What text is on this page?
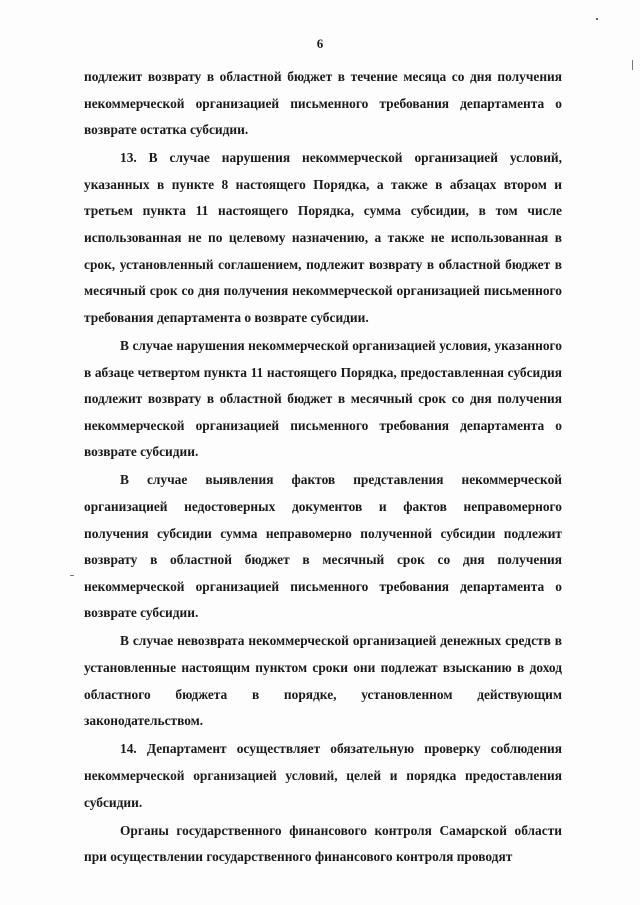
6

подлежит возврату в областной бюджет в течение месяца со дня получения некоммерческой организацией письменного требования департамента о возврате остатка субсидии.

13. В случае нарушения некоммерческой организацией условий, указанных в пункте 8 настоящего Порядка, а также в абзацах втором и третьем пункта 11 настоящего Порядка, сумма субсидии, в том числе использованная не по целевому назначению, а также не использованная в срок, установленный соглашением, подлежит возврату в областной бюджет в месячный срок со дня получения некоммерческой организацией письменного требования департамента о возврате субсидии.

В случае нарушения некоммерческой организацией условия, указанного в абзаце четвертом пункта 11 настоящего Порядка, предоставленная субсидия подлежит возврату в областной бюджет в месячный срок со дня получения некоммерческой организацией письменного требования департамента о возврате субсидии.

В случае выявления фактов представления некоммерческой организацией недостоверных документов и фактов неправомерного получения субсидии сумма неправомерно полученной субсидии подлежит возврату в областной бюджет в месячный срок со дня получения некоммерческой организацией письменного требования департамента о возврате субсидии.

В случае невозврата некоммерческой организацией денежных средств в установленные настоящим пунктом сроки они подлежат взысканию в доход областного бюджета в порядке, установленном действующим законодательством.

14. Департамент осуществляет обязательную проверку соблюдения некоммерческой организацией условий, целей и порядка предоставления субсидии.

Органы государственного финансового контроля Самарской области при осуществлении государственного финансового контроля проводят
